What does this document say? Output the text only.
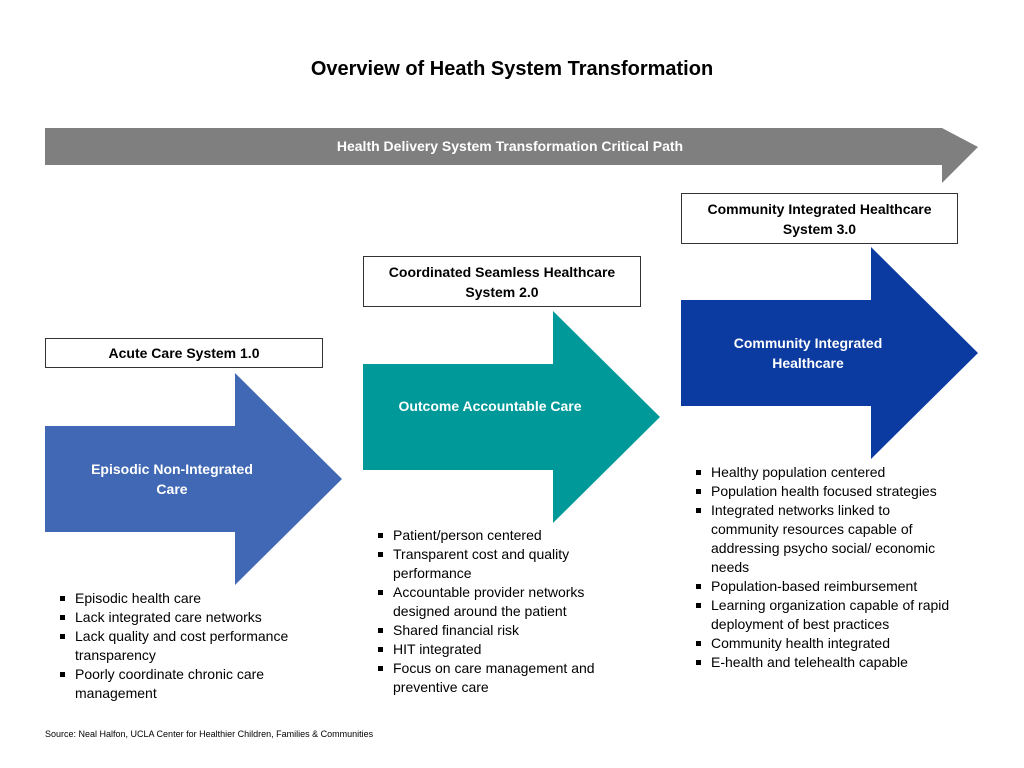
Overview of Heath System Transformation
Health Delivery System Transformation Critical Path
Acute Care System 1.0
Episodic Non-Integrated Care
Episodic health care
Lack integrated care networks
Lack quality and cost performance transparency
Poorly coordinate chronic care management
Coordinated Seamless Healthcare System 2.0
Outcome Accountable Care
Patient/person centered
Transparent cost and quality performance
Accountable provider networks designed around the patient
Shared financial risk
HIT integrated
Focus on care management and preventive care
Community Integrated Healthcare System 3.0
Community Integrated Healthcare
Healthy population centered
Population health focused strategies
Integrated networks linked to community resources capable of addressing psycho social/ economic needs
Population-based reimbursement
Learning organization capable of rapid deployment of best practices
Community health integrated
E-health and telehealth capable
Source: Neal Halfon, UCLA Center for Healthier Children, Families & Communities
